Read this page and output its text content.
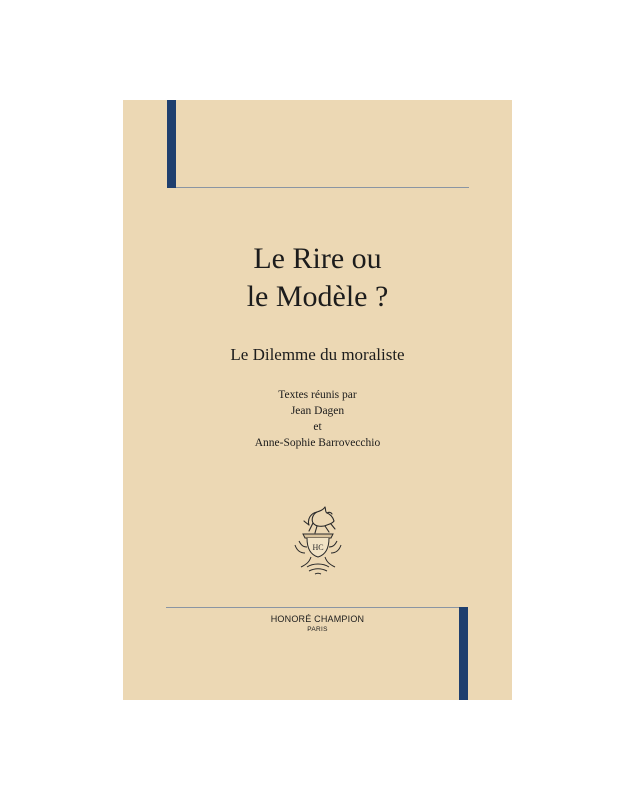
Le Rire ou
le Modèle ?
Le Dilemme du moraliste
Textes réunis par
Jean Dagen
et
Anne-Sophie Barrovecchio
HC
HONORÉ CHAMPION
PARIS
